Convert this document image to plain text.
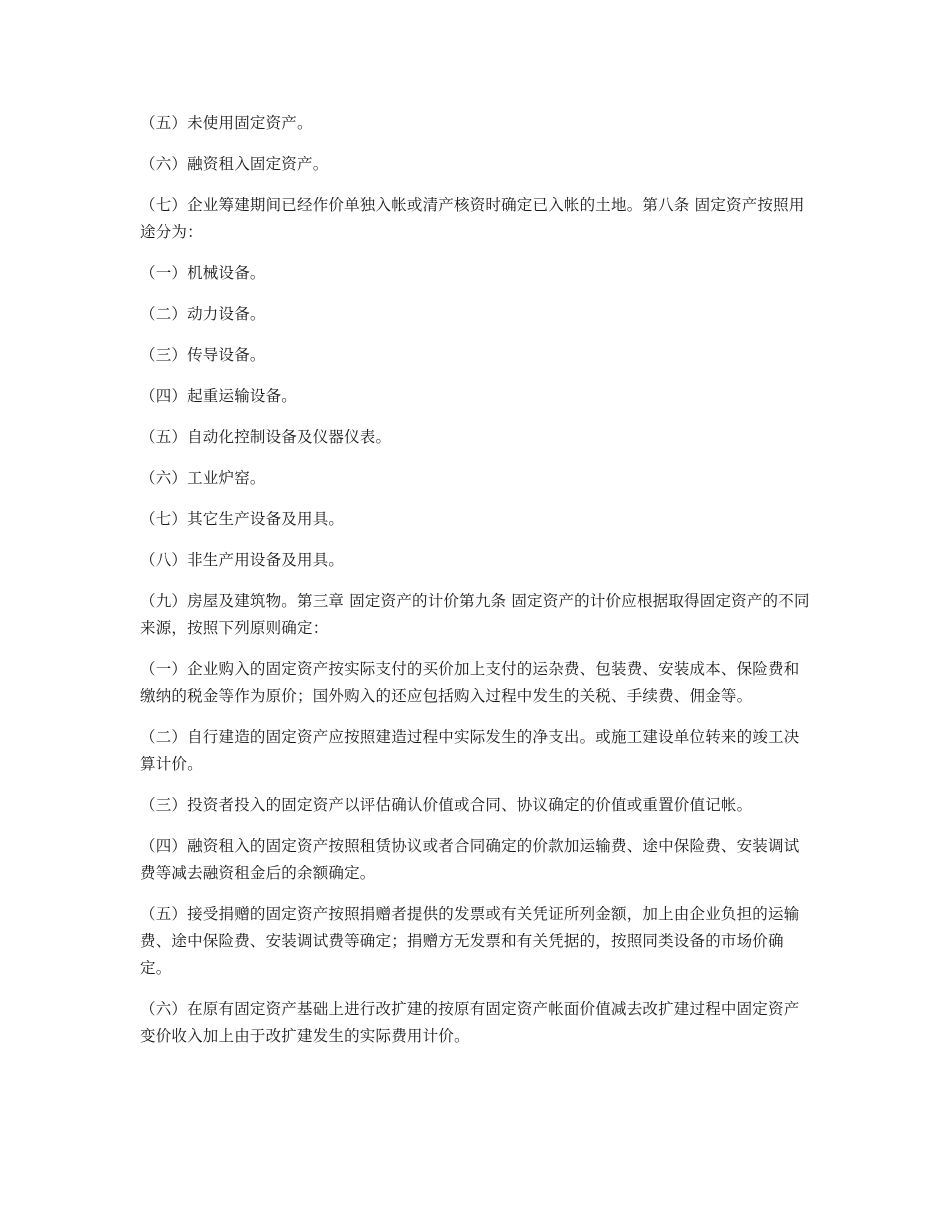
（五）未使用固定资产。

（六）融资租入固定资产。

（七）企业筹建期间已经作价单独入帐或清产核资时确定已入帐的土地。第八条 固定资产按照用途分为：

（一）机械设备。

（二）动力设备。

（三）传导设备。

（四）起重运输设备。

（五）自动化控制设备及仪器仪表。

（六）工业炉窑。

（七）其它生产设备及用具。

（八）非生产用设备及用具。

（九）房屋及建筑物。第三章 固定资产的计价第九条 固定资产的计价应根据取得固定资产的不同来源，按照下列原则确定：

（一）企业购入的固定资产按实际支付的买价加上支付的运杂费、包装费、安装成本、保险费和缴纳的税金等作为原价；国外购入的还应包括购入过程中发生的关税、手续费、佣金等。

（二）自行建造的固定资产应按照建造过程中实际发生的净支出。或施工建设单位转来的竣工决算计价。

（三）投资者投入的固定资产以评估确认价值或合同、协议确定的价值或重置价值记帐。

（四）融资租入的固定资产按照租赁协议或者合同确定的价款加运输费、途中保险费、安装调试费等减去融资租金后的余额确定。

（五）接受捐赠的固定资产按照捐赠者提供的发票或有关凭证所列金额，加上由企业负担的运输费、途中保险费、安装调试费等确定；捐赠方无发票和有关凭据的，按照同类设备的市场价确定。

（六）在原有固定资产基础上进行改扩建的按原有固定资产帐面价值减去改扩建过程中固定资产变价收入加上由于改扩建发生的实际费用计价。
